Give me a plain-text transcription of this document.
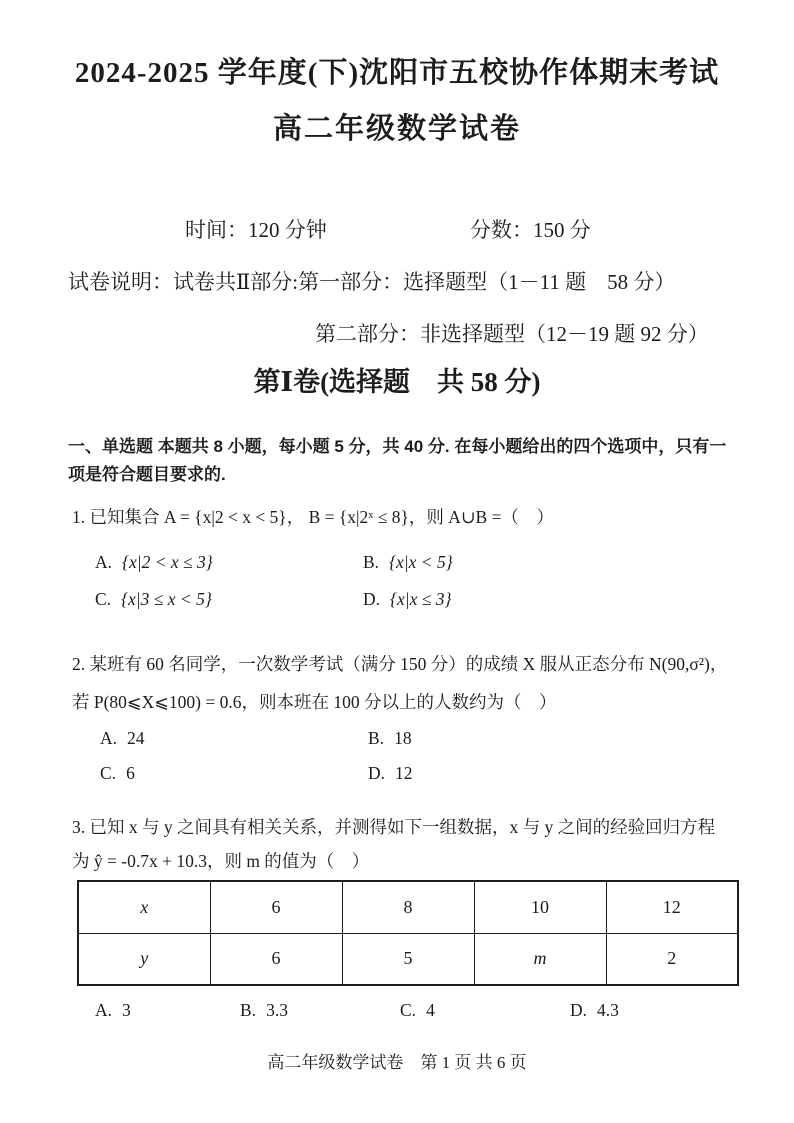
2024-2025 学年度(下)沈阳市五校协作体期末考试
高二年级数学试卷
时间：120 分钟	分数：150 分
试卷说明：试卷共Ⅱ部分:第一部分：选择题型（1－11 题　58 分）
第二部分：非选择题型（12－19 题 92 分）
第Ⅰ卷(选择题　共 58 分)
一、单选题 本题共 8 小题，每小题 5 分，共 40 分. 在每小题给出的四个选项中，只有一项是符合题目要求的.
1. 已知集合 A = {x|2 < x < 5}， B = {x|2ˣ ≤ 8}，则 A∪B =（　）
A. {x|2 < x ≤ 3}	B. {x|x < 5}
C. {x|3 ≤ x < 5}	D. {x|x ≤ 3}
2. 某班有 60 名同学，一次数学考试（满分 150 分）的成绩 X 服从正态分布 N(90,σ²)，若 P(80⩽X⩽100) = 0.6，则本班在 100 分以上的人数约为（　）
A. 24	B. 18
C. 6	D. 12
3. 已知 x 与 y 之间具有相关关系，并测得如下一组数据，x 与 y 之间的经验回归方程为 ŷ = -0.7x + 10.3，则 m 的值为（　）
x	6	8	10	12
y	6	5	m	2
A. 3	B. 3.3	C. 4	D. 4.3
高二年级数学试卷　第 1 页 共 6 页
